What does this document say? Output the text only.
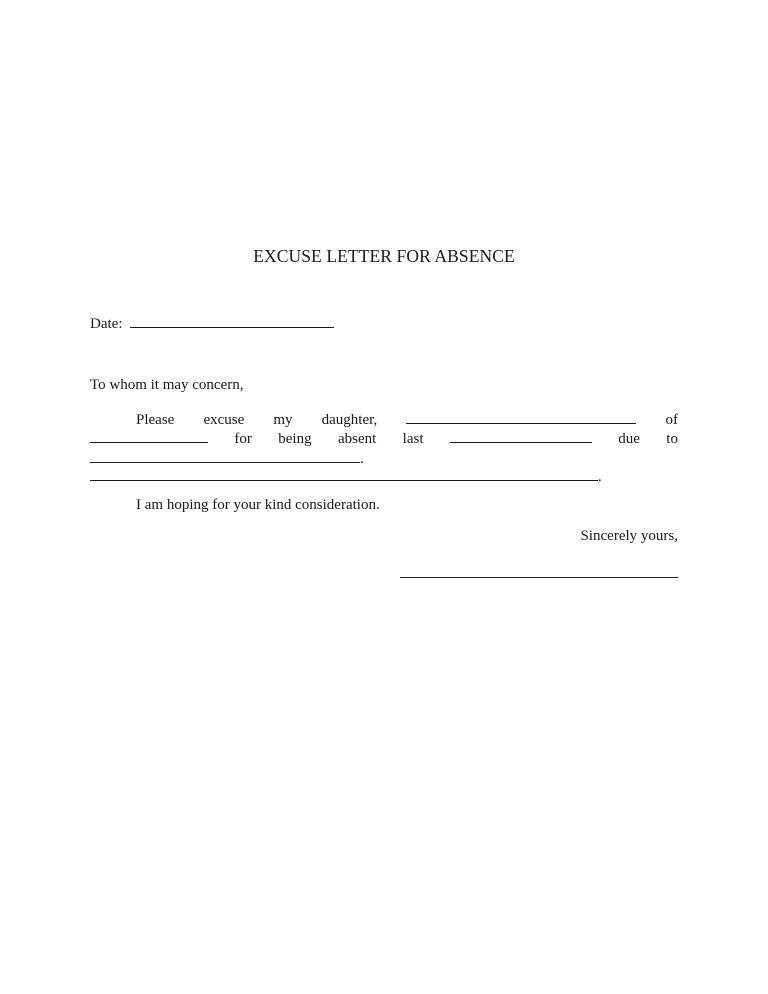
EXCUSE LETTER FOR ABSENCE
Date:
To whom it may concern,
Please excuse my daughter,	of
for being absent last	due to
.
.
I am hoping for your kind consideration.
Sincerely yours,
